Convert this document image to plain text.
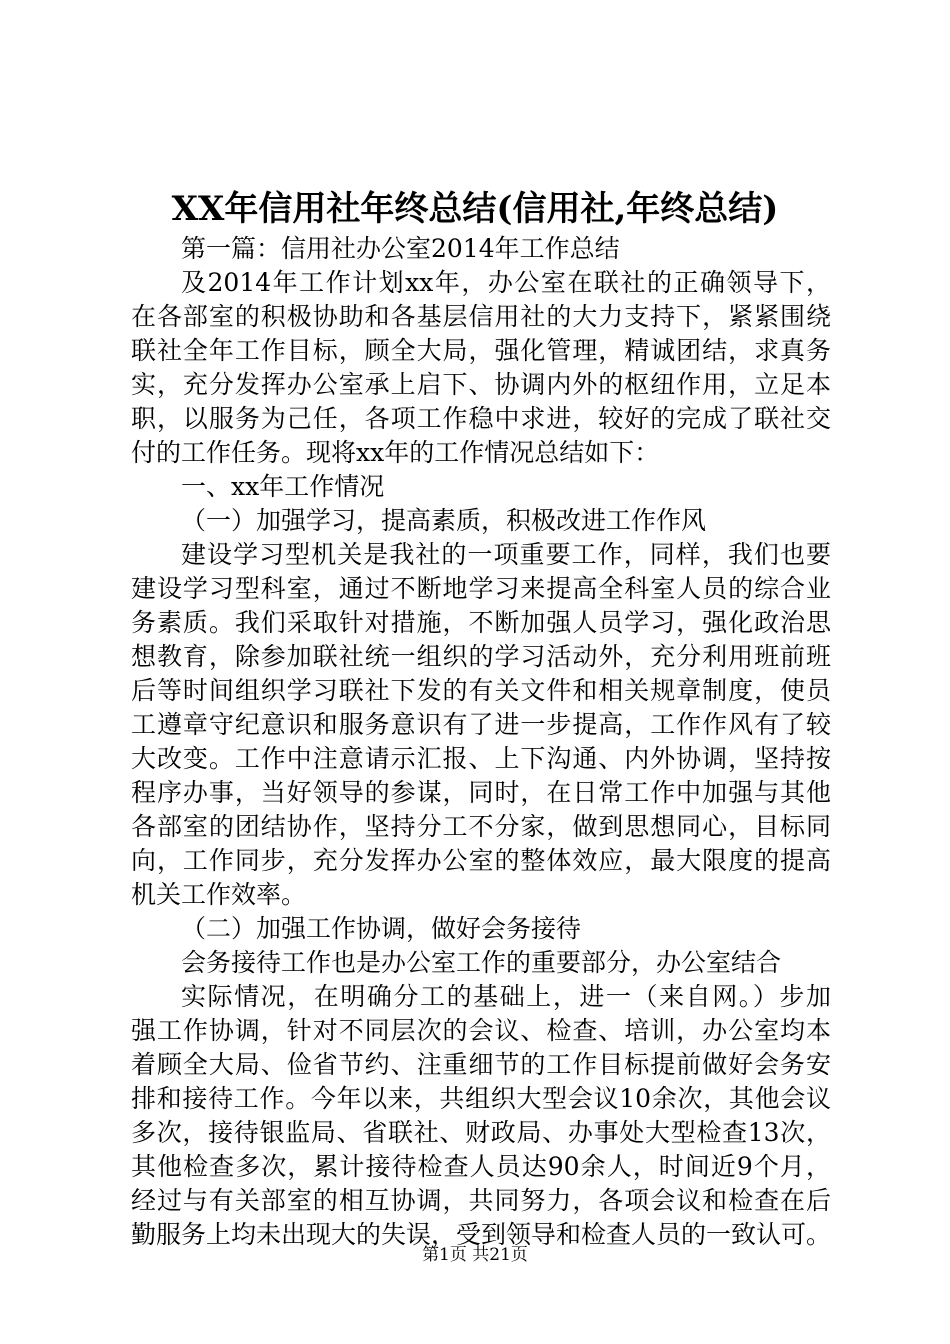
XX年信用社年终总结(信用社,年终总结)
第一篇：信用社办公室2014年工作总结
及2014年工作计划xx年，办公室在联社的正确领导下，
在各部室的积极协助和各基层信用社的大力支持下，紧紧围绕
联社全年工作目标，顾全大局，强化管理，精诚团结，求真务
实，充分发挥办公室承上启下、协调内外的枢纽作用，立足本
职，以服务为己任，各项工作稳中求进，较好的完成了联社交
付的工作任务。现将xx年的工作情况总结如下：
一、xx年工作情况
（一）加强学习，提高素质，积极改进工作作风
建设学习型机关是我社的一项重要工作，同样，我们也要
建设学习型科室，通过不断地学习来提高全科室人员的综合业
务素质。我们采取针对措施，不断加强人员学习，强化政治思
想教育，除参加联社统一组织的学习活动外，充分利用班前班
后等时间组织学习联社下发的有关文件和相关规章制度，使员
工遵章守纪意识和服务意识有了进一步提高，工作作风有了较
大改变。工作中注意请示汇报、上下沟通、内外协调，坚持按
程序办事，当好领导的参谋，同时，在日常工作中加强与其他
各部室的团结协作，坚持分工不分家，做到思想同心，目标同
向，工作同步，充分发挥办公室的整体效应，最大限度的提高
机关工作效率。
（二）加强工作协调，做好会务接待
会务接待工作也是办公室工作的重要部分，办公室结合
实际情况，在明确分工的基础上，进一（来自网。）步加
强工作协调，针对不同层次的会议、检查、培训，办公室均本
着顾全大局、俭省节约、注重细节的工作目标提前做好会务安
排和接待工作。今年以来，共组织大型会议10余次，其他会议
多次，接待银监局、省联社、财政局、办事处大型检查13次，
其他检查多次，累计接待检查人员达90余人，时间近9个月，
经过与有关部室的相互协调，共同努力，各项会议和检查在后
勤服务上均未出现大的失误，受到领导和检查人员的一致认可。
第1页 共21页
